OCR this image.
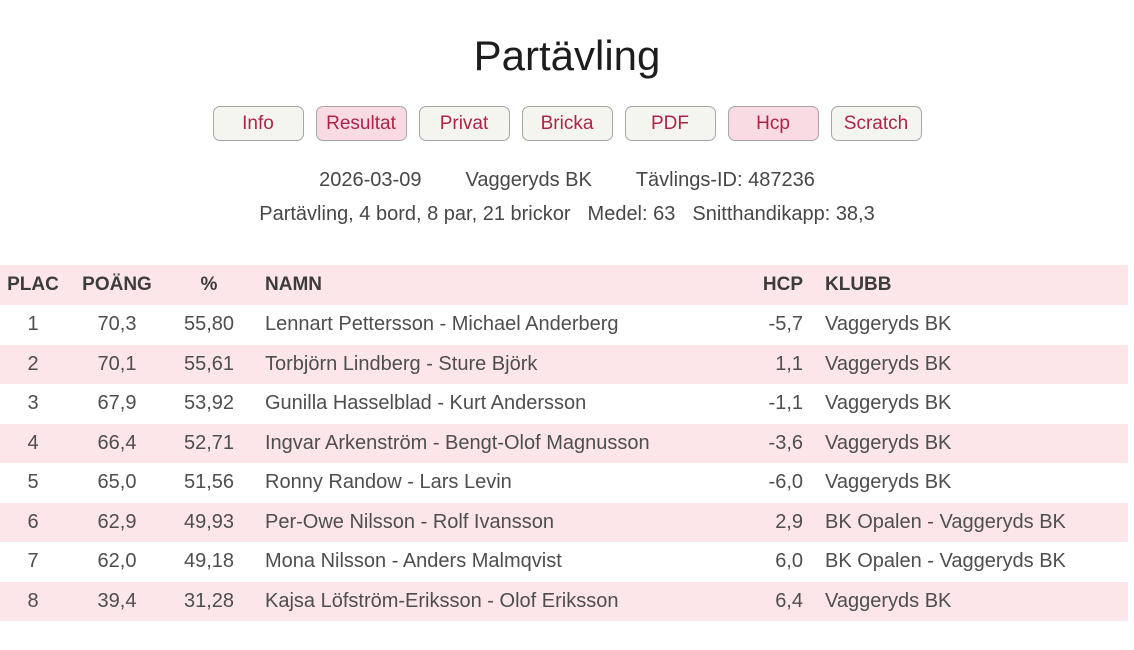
Partävling
Info	Resultat	Privat	Bricka	PDF	Hcp	Scratch
2026-03-09 Vaggeryds BK Tävlings-ID: 487236
Partävling, 4 bord, 8 par, 21 brickor Medel: 63 Snitthandikapp: 38,3
PLAC	POÄNG	%	NAMN	HCP	KLUBB
1	70,3	55,80	Lennart Pettersson - Michael Anderberg	-5,7	Vaggeryds BK
2	70,1	55,61	Torbjörn Lindberg - Sture Björk	1,1	Vaggeryds BK
3	67,9	53,92	Gunilla Hasselblad - Kurt Andersson	-1,1	Vaggeryds BK
4	66,4	52,71	Ingvar Arkenström - Bengt-Olof Magnusson	-3,6	Vaggeryds BK
5	65,0	51,56	Ronny Randow - Lars Levin	-6,0	Vaggeryds BK
6	62,9	49,93	Per-Owe Nilsson - Rolf Ivansson	2,9	BK Opalen - Vaggeryds BK
7	62,0	49,18	Mona Nilsson - Anders Malmqvist	6,0	BK Opalen - Vaggeryds BK
8	39,4	31,28	Kajsa Löfström-Eriksson - Olof Eriksson	6,4	Vaggeryds BK
